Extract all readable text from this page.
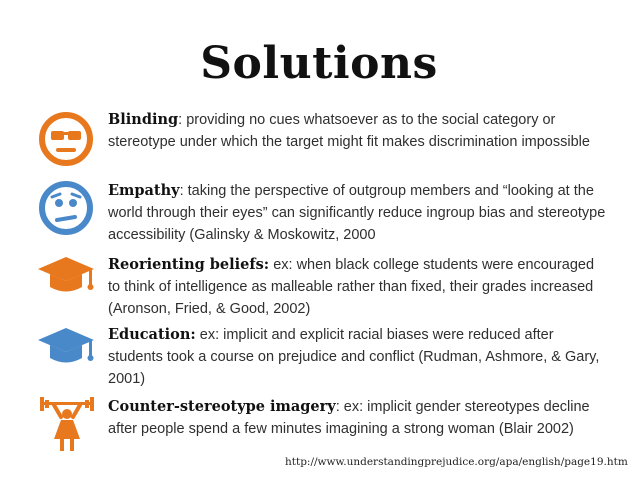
Solutions
Blinding: providing no cues whatsoever as to the social category or stereotype under which the target might fit makes discrimination impossible
Empathy: taking the perspective of outgroup members and “looking at the world through their eyes” can significantly reduce ingroup bias and stereotype accessibility (Galinsky & Moskowitz, 2000
Reorienting beliefs: ex: when black college students were encouraged to think of intelligence as malleable rather than fixed, their grades increased (Aronson, Fried, & Good, 2002)
Education: ex: implicit and explicit racial biases were reduced after students took a course on prejudice and conflict (Rudman, Ashmore, & Gary, 2001)
Counter-stereotype imagery: ex: implicit gender stereotypes decline after people spend a few minutes imagining a strong woman (Blair 2002)
http://www.understandingprejudice.org/apa/english/page19.htm
